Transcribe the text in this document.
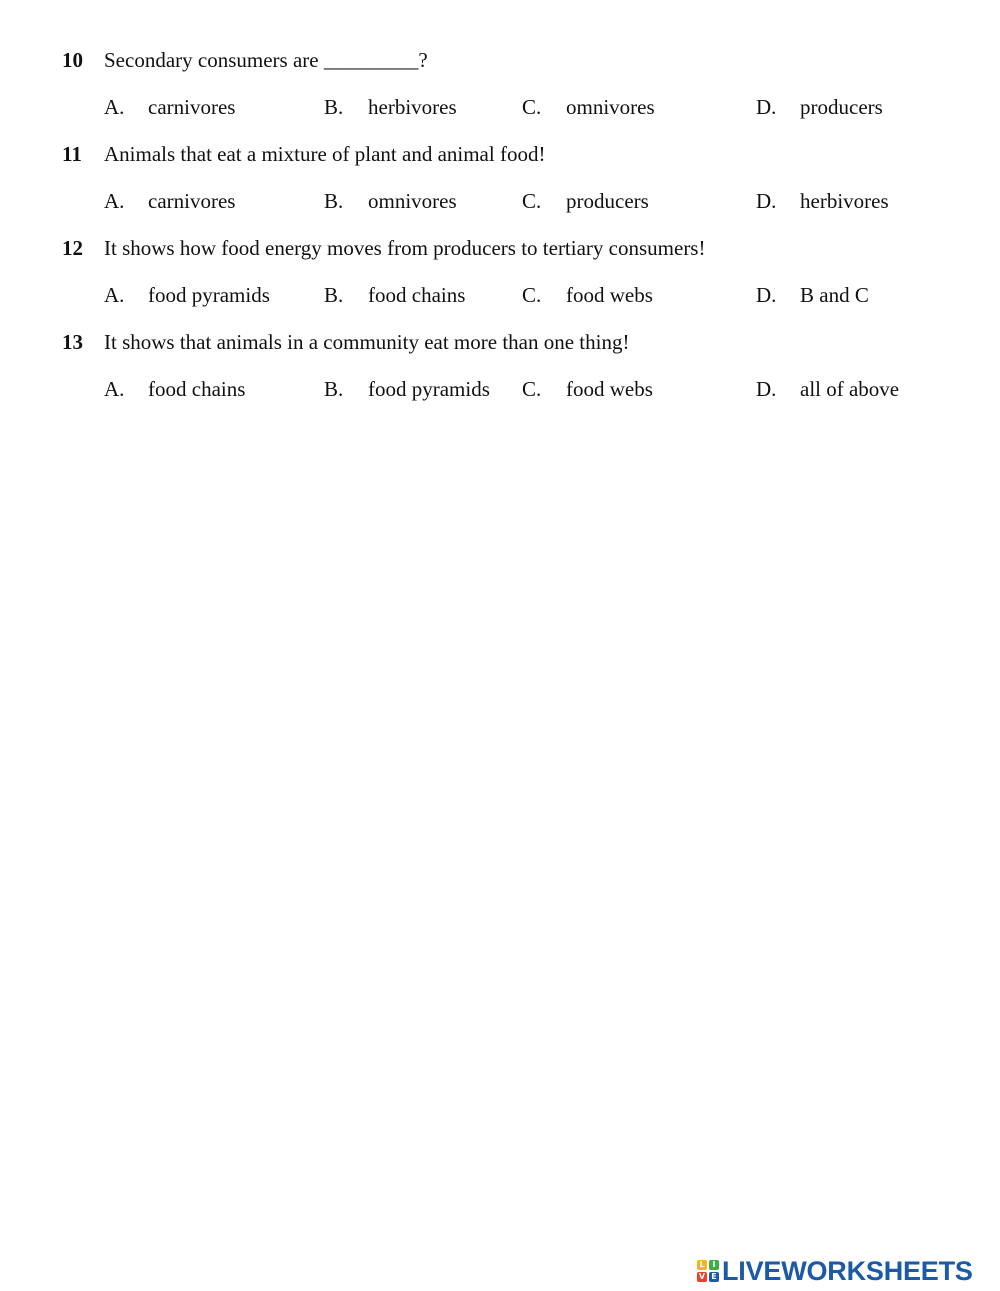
10 Secondary consumers are _________?
A. carnivores	B. herbivores	C. omnivores	D. producers
11 Animals that eat a mixture of plant and animal food!
A. carnivores	B. omnivores	C. producers	D. herbivores
12 It shows how food energy moves from producers to tertiary consumers!
A. food pyramids	B. food chains	C. food webs	D. B and C
13 It shows that animals in a community eat more than one thing!
A. food chains	B. food pyramids C. food webs	D. all of above
L I
V E LIVEWORKSHEETS
